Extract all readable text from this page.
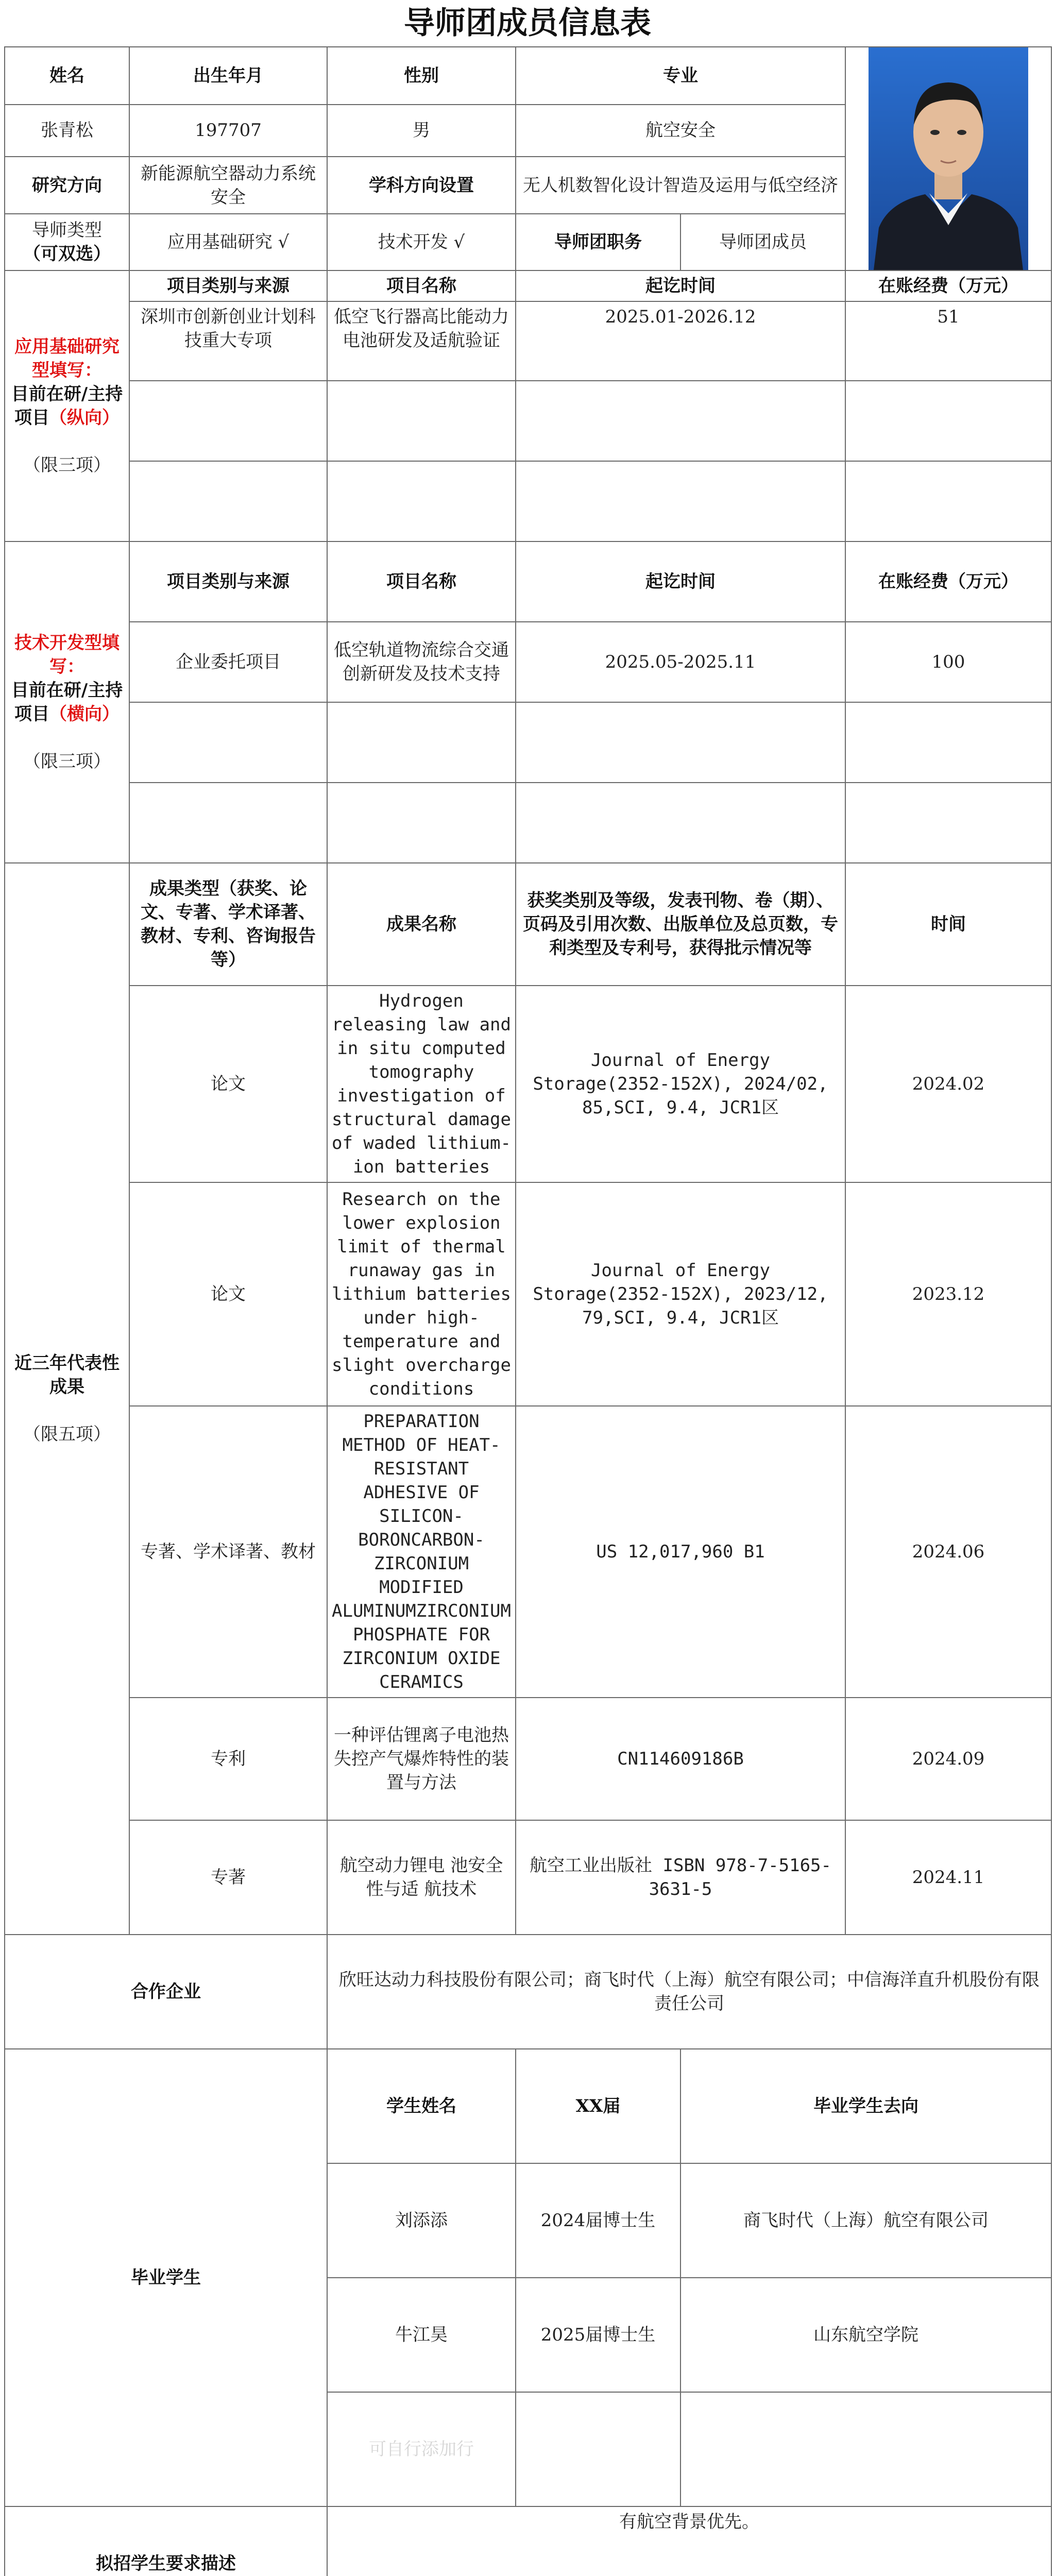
导师团成员信息表
姓名	出生年月	性别	专业	

张青松	197707	男	航空安全		
研究方向	新能源航空器动力系统安全	学科方向设置	无人机数智化设计智造及运用与低空经济		
导师类型
（可双选）	应用基础研究 √	技术开发 √	导师团职务	导师团成员	
应用基础研究型填写：
目前在研/主持项目（纵向）
（限三项）	项目类别与来源	项目名称	起讫时间		在账经费（万元）
	深圳市创新创业计划科技重大专项	低空飞行器高比能动力电池研发及适航验证	2025.01-2026.12		51

技术开发型填写：
目前在研/主持项目（横向）
（限三项）	项目类别与来源	项目名称	起讫时间		在账经费（万元）
	企业委托项目	低空轨道物流综合交通创新研发及技术支持	2025.05-2025.11		100

近三年代表性成果
（限五项）	成果类型（获奖、论文、专著、学术译著、教材、专利、咨询报告等）	成果名称	获奖类别及等级，发表刊物、卷（期）、页码及引用次数、出版单位及总页数，专利类型及专利号，获得批示情况等		时间
	论文	Hydrogen releasing law and in situ computed tomography investigation of structural damage of waded lithium-ion batteries	Journal of Energy Storage(2352-152X), 2024/02, 85,SCI, 9.4, JCR1区		2024.02
	论文	Research on the lower explosion limit of thermal runaway gas in lithium batteries under high-temperature and slight overcharge conditions	Journal of Energy Storage(2352-152X), 2023/12, 79,SCI, 9.4, JCR1区		2023.12
	专著、学术译著、教材	PREPARATION METHOD OF HEAT-RESISTANT ADHESIVE OF SILICON-BORONCARBON-ZIRCONIUM MODIFIED ALUMINUMZIRCONIUM PHOSPHATE FOR ZIRCONIUM OXIDE CERAMICS	US 12,017,960 B1		2024.06
	专利	一种评估锂离子电池热失控产气爆炸特性的装置与方法	CN114609186B		2024.09
	专著	航空动力锂电 池安全性与适 航技术	航空工业出版社 ISBN 978-7-5165-3631-5		2024.11
合作企业		欣旺达动力科技股份有限公司；商飞时代（上海）航空有限公司；中信海洋直升机股份有限责任公司			
毕业学生		学生姓名	XX届	毕业学生去向	
		刘添添	2024届博士生	商飞时代（上海）航空有限公司	
		牛江昊	2025届博士生	山东航空学院	
		可自行添加行			
拟招学生要求描述		有航空背景优先。			
